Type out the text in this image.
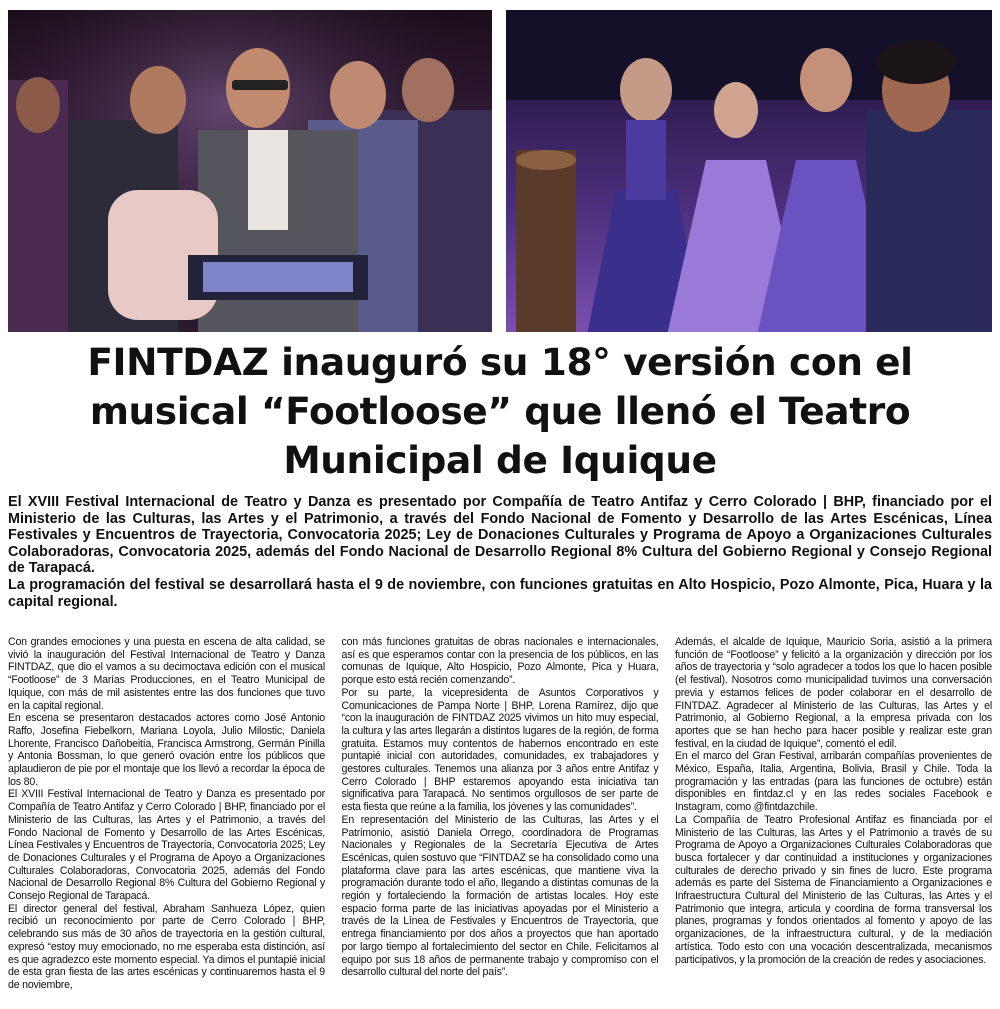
FINTDAZ inauguró su 18° versión con el musical “Footloose” que llenó el Teatro Municipal de Iquique

El XVIII Festival Internacional de Teatro y Danza es presentado por Compañía de Teatro Antifaz y Cerro Colorado | BHP, financiado por el Ministerio de las Culturas, las Artes y el Patrimonio, a través del Fondo Nacional de Fomento y Desarrollo de las Artes Escénicas, Línea Festivales y Encuentros de Trayectoria, Convocatoria 2025; Ley de Donaciones Culturales y Programa de Apoyo a Organizaciones Culturales Colaboradoras, Convocatoria 2025, además del Fondo Nacional de Desarrollo Regional 8% Cultura del Gobierno Regional y Consejo Regional de Tarapacá.

La programación del festival se desarrollará hasta el 9 de noviembre, con funciones gratuitas en Alto Hospicio, Pozo Almonte, Pica, Huara y la capital regional.

Con grandes emociones y una puesta en escena de alta calidad, se vivió la inauguración del Festival Internacional de Teatro y Danza FINTDAZ, que dio el vamos a su decimoctava edición con el musical “Footloose” de 3 Marías Producciones, en el Teatro Municipal de Iquique, con más de mil asistentes entre las dos funciones que tuvo en la capital regional.

En escena se presentaron destacados actores como José Antonio Raffo, Josefina Fiebelkorn, Mariana Loyola, Julio Milostic, Daniela Lhorente, Francisco Dañobeitía, Francisca Armstrong, Germán Pinilla y Antonia Bossman, lo que generó ovación entre los públicos que aplaudieron de pie por el montaje que los llevó a recordar la época de los 80.

El XVIII Festival Internacional de Teatro y Danza es presentado por Compañía de Teatro Antifaz y Cerro Colorado | BHP, financiado por el Ministerio de las Culturas, las Artes y el Patrimonio, a través del Fondo Nacional de Fomento y Desarrollo de las Artes Escénicas, Línea Festivales y Encuentros de Trayectoria, Convocatoria 2025; Ley de Donaciones Culturales y el Programa de Apoyo a Organizaciones Culturales Colaboradoras, Convocatoria 2025, además del Fondo Nacional de Desarrollo Regional 8% Cultura del Gobierno Regional y Consejo Regional de Tarapacá.

El director general del festival, Abraham Sanhueza López, quien recibió un reconocimiento por parte de Cerro Colorado | BHP, celebrando sus más de 30 años de trayectoria en la gestión cultural, expresó “estoy muy emocionado, no me esperaba esta distinción, así es que agradezco este momento especial. Ya dimos el puntapié inicial de esta gran fiesta de las artes escénicas y continuaremos hasta el 9 de noviembre,

con más funciones gratuitas de obras nacionales e internacionales, así es que esperamos contar con la presencia de los públicos, en las comunas de Iquique, Alto Hospicio, Pozo Almonte, Pica y Huara, porque esto está recién comenzando”.

Por su parte, la vicepresidenta de Asuntos Corporativos y Comunicaciones de Pampa Norte | BHP, Lorena Ramírez, dijo que “con la inauguración de FINTDAZ 2025 vivimos un hito muy especial, la cultura y las artes llegarán a distintos lugares de la región, de forma gratuita. Estamos muy contentos de habernos encontrado en este puntapié inicial con autoridades, comunidades, ex trabajadores y gestores culturales. Tenemos una alianza por 3 años entre Antifaz y Cerro Colorado | BHP estaremos apoyando esta iniciativa tan significativa para Tarapacá. No sentimos orgullosos de ser parte de esta fiesta que reúne a la familia, los jóvenes y las comunidades”.

En representación del Ministerio de las Culturas, las Artes y el Patrimonio, asistió Daniela Orrego, coordinadora de Programas Nacionales y Regionales de la Secretaría Ejecutiva de Artes Escénicas, quien sostuvo que “FINTDAZ se ha consolidado como una plataforma clave para las artes escénicas, que mantiene viva la programación durante todo el año, llegando a distintas comunas de la región y fortaleciendo la formación de artistas locales. Hoy este espacio forma parte de las iniciativas apoyadas por el Ministerio a través de la Línea de Festivales y Encuentros de Trayectoria, que entrega financiamiento por dos años a proyectos que han aportado por largo tiempo al fortalecimiento del sector en Chile. Felicitamos al equipo por sus 18 años de permanente trabajo y compromiso con el desarrollo cultural del norte del país”.

Además, el alcalde de Iquique, Mauricio Soria, asistió a la primera función de “Footloose” y felicitó a la organización y dirección por los años de trayectoria y “solo agradecer a todos los que lo hacen posible (el festival). Nosotros como municipalidad tuvimos una conversación previa y estamos felices de poder colaborar en el desarrollo de FINTDAZ. Agradecer al Ministerio de las Culturas, las Artes y el Patrimonio, al Gobierno Regional, a la empresa privada con los aportes que se han hecho para hacer posible y realizar este gran festival, en la ciudad de Iquique”, comentó el edil.

En el marco del Gran Festival, arribarán compañías provenientes de México, España, Italia, Argentina, Bolivia, Brasil y Chile. Toda la programación y las entradas (para las funciones de octubre) están disponibles en fintdaz.cl y en las redes sociales Facebook e Instagram, como @fintdazchile.

La Compañía de Teatro Profesional Antifaz es financiada por el Ministerio de las Culturas, las Artes y el Patrimonio a través de su Programa de Apoyo a Organizaciones Culturales Colaboradoras que busca fortalecer y dar continuidad a instituciones y organizaciones culturales de derecho privado y sin fines de lucro. Este programa además es parte del Sistema de Financiamiento a Organizaciones e Infraestructura Cultural del Ministerio de las Culturas, las Artes y el Patrimonio que integra, articula y coordina de forma transversal los planes, programas y fondos orientados al fomento y apoyo de las organizaciones, de la infraestructura cultural, y de la mediación artística. Todo esto con una vocación descentralizada, mecanismos participativos, y la promoción de la creación de redes y asociaciones.
